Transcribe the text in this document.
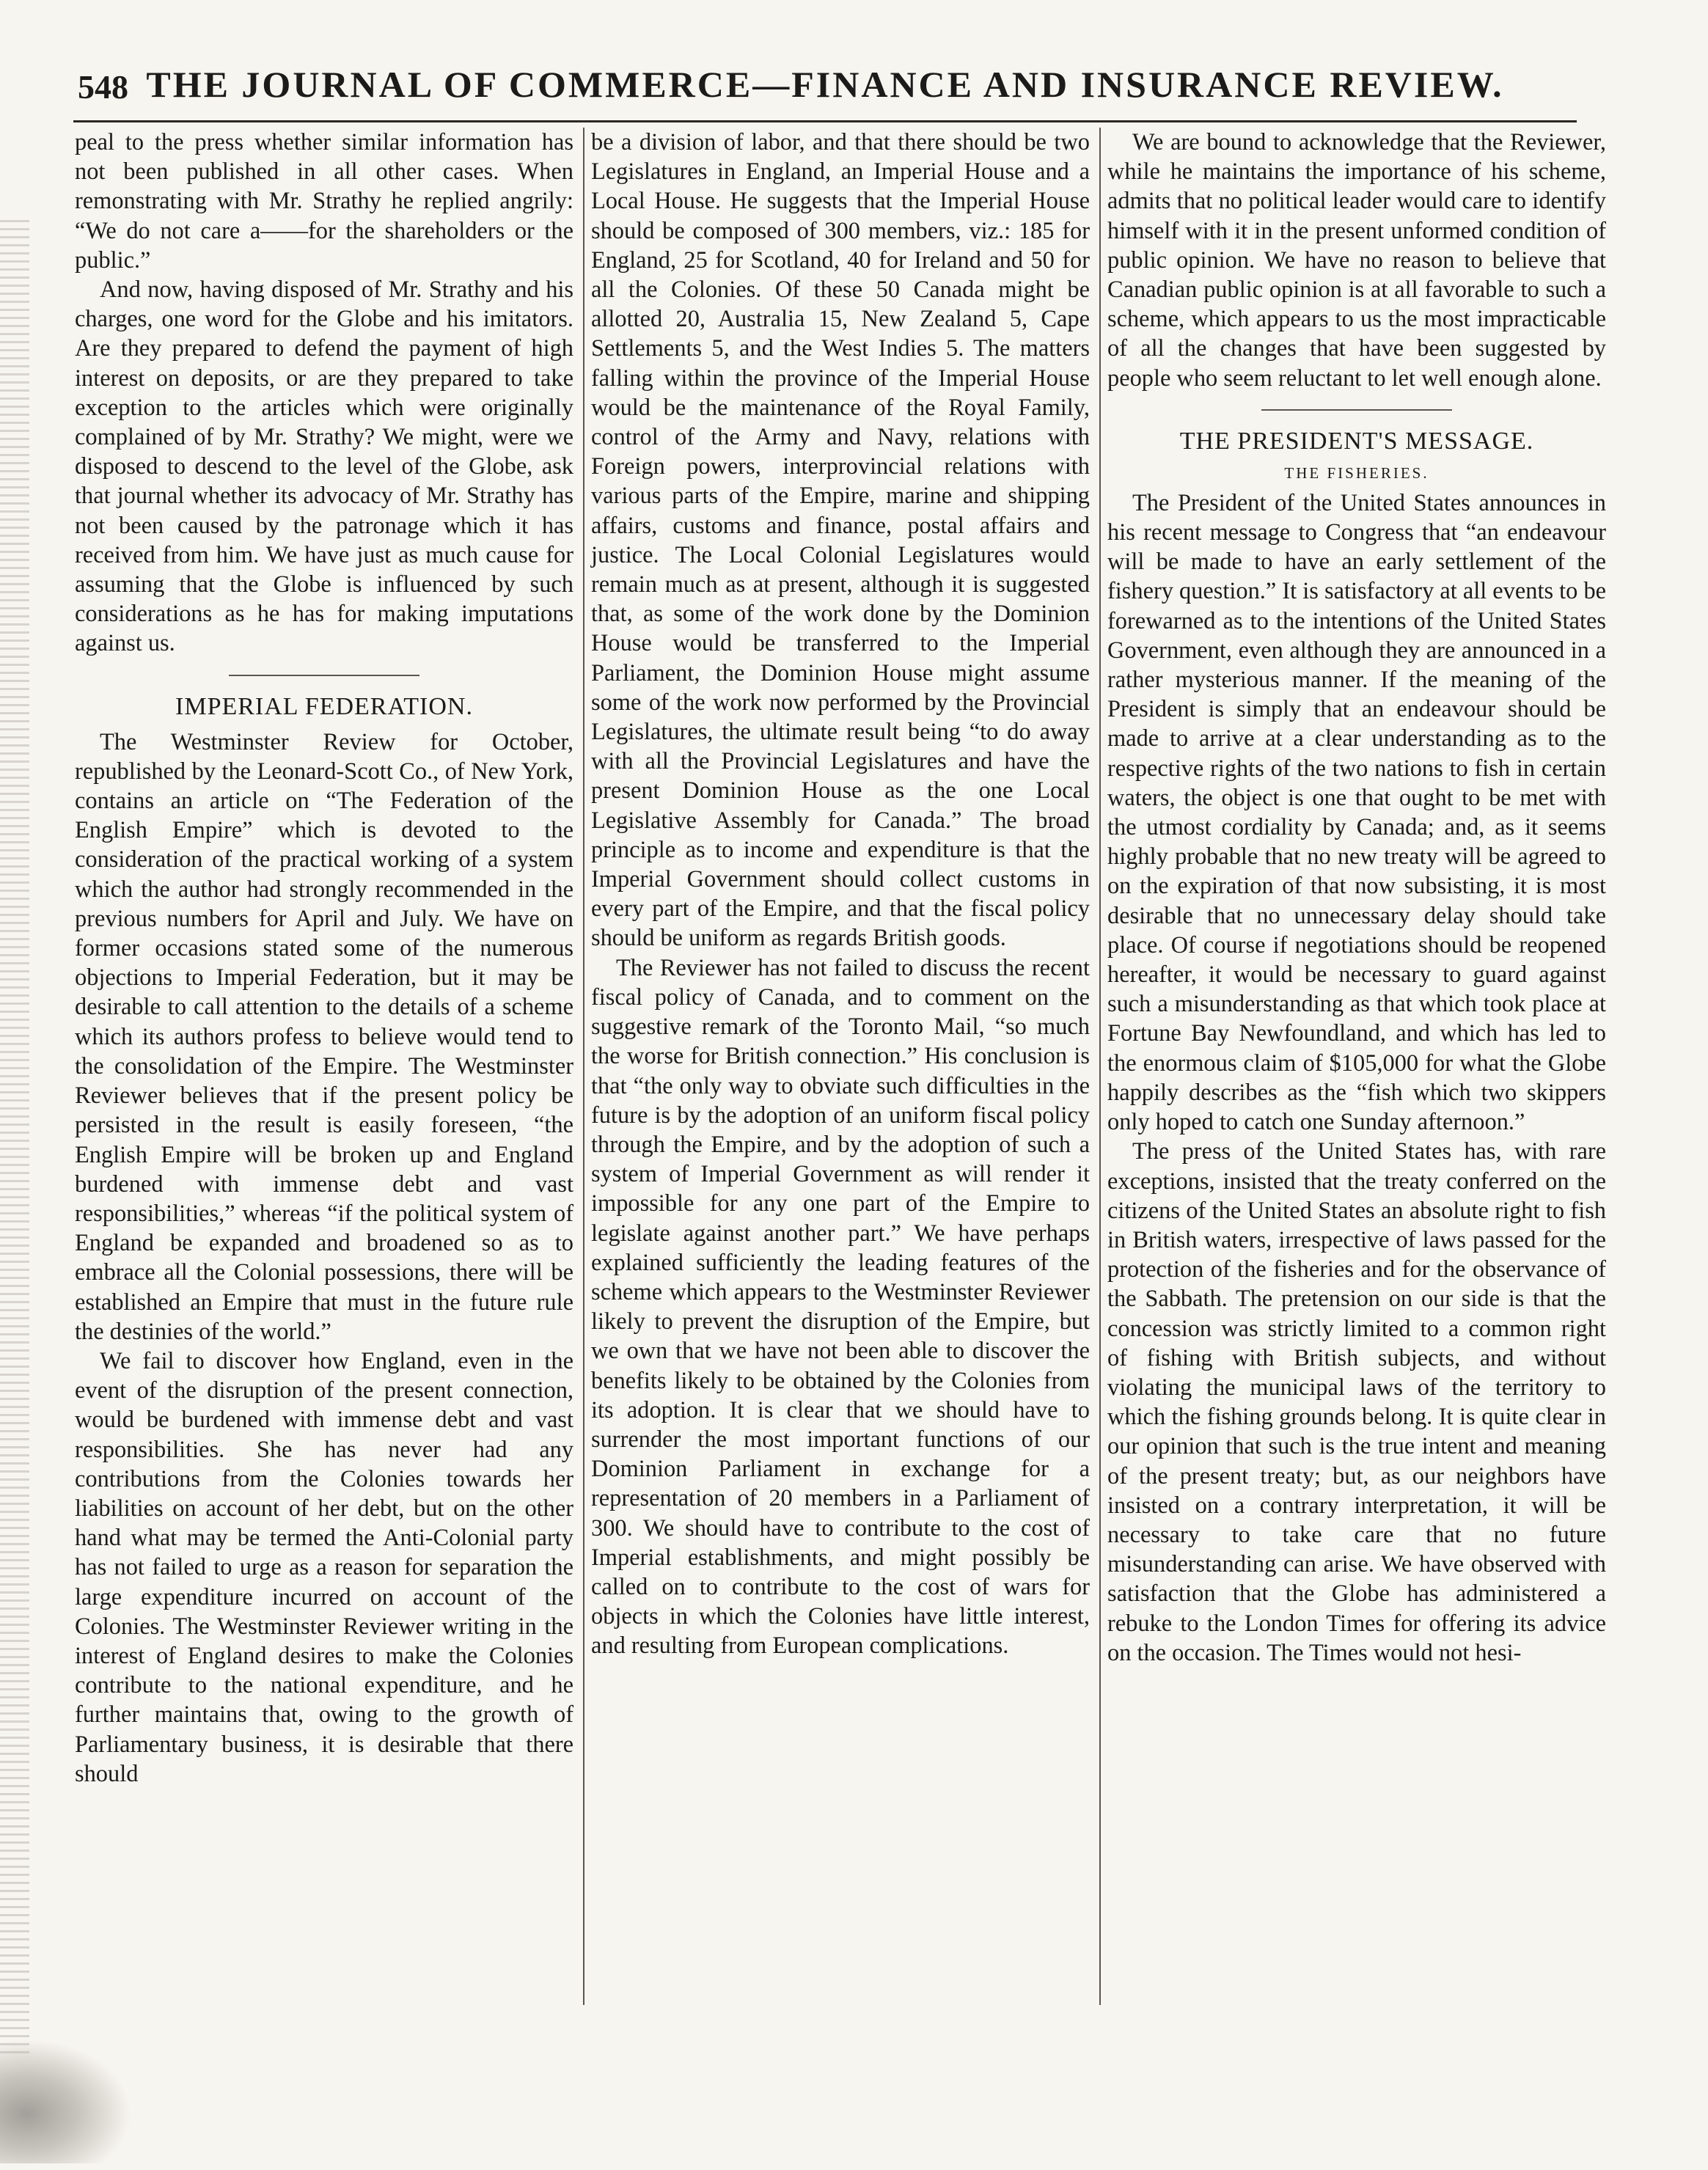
548 THE JOURNAL OF COMMERCE—FINANCE AND INSURANCE REVIEW.

peal to the press whether similar information has not been published in all other cases. When remonstrating with Mr. Strathy he replied angrily: “We do not care a——for the shareholders or the public.”

And now, having disposed of Mr. Strathy and his charges, one word for the Globe and his imitators. Are they prepared to defend the payment of high interest on deposits, or are they prepared to take exception to the articles which were originally complained of by Mr. Strathy? We might, were we disposed to descend to the level of the Globe, ask that journal whether its advocacy of Mr. Strathy has not been caused by the patronage which it has received from him. We have just as much cause for assuming that the Globe is influenced by such considerations as he has for making imputations against us.

IMPERIAL FEDERATION.

The Westminster Review for October, republished by the Leonard-Scott Co., of New York, contains an article on “The Federation of the English Empire” which is devoted to the consideration of the practical working of a system which the author had strongly recommended in the previous numbers for April and July. We have on former occasions stated some of the numerous objections to Imperial Federation, but it may be desirable to call attention to the details of a scheme which its authors profess to believe would tend to the consolidation of the Empire. The Westminster Reviewer believes that if the present policy be persisted in the result is easily foreseen, “the English Empire will be broken up and England burdened with immense debt and vast responsibilities,” whereas “if the political system of England be expanded and broadened so as to embrace all the Colonial possessions, there will be established an Empire that must in the future rule the destinies of the world.”

We fail to discover how England, even in the event of the disruption of the present connection, would be burdened with immense debt and vast responsibilities. She has never had any contributions from the Colonies towards her liabilities on account of her debt, but on the other hand what may be termed the Anti-Colonial party has not failed to urge as a reason for separation the large expenditure incurred on account of the Colonies. The Westminster Reviewer writing in the interest of England desires to make the Colonies contribute to the national expenditure, and he further maintains that, owing to the growth of Parliamentary business, it is desirable that there should

be a division of labor, and that there should be two Legislatures in England, an Imperial House and a Local House. He suggests that the Imperial House should be composed of 300 members, viz.: 185 for England, 25 for Scotland, 40 for Ireland and 50 for all the Colonies. Of these 50 Canada might be allotted 20, Australia 15, New Zealand 5, Cape Settlements 5, and the West Indies 5. The matters falling within the province of the Imperial House would be the maintenance of the Royal Family, control of the Army and Navy, relations with Foreign powers, interprovincial relations with various parts of the Empire, marine and shipping affairs, customs and finance, postal affairs and justice. The Local Colonial Legislatures would remain much as at present, although it is suggested that, as some of the work done by the Dominion House would be transferred to the Imperial Parliament, the Dominion House might assume some of the work now performed by the Provincial Legislatures, the ultimate result being “to do away with all the Provincial Legislatures and have the present Dominion House as the one Local Legislative Assembly for Canada.” The broad principle as to income and expenditure is that the Imperial Government should collect customs in every part of the Empire, and that the fiscal policy should be uniform as regards British goods.

The Reviewer has not failed to discuss the recent fiscal policy of Canada, and to comment on the suggestive remark of the Toronto Mail, “so much the worse for British connection.” His conclusion is that “the only way to obviate such difficulties in the future is by the adoption of an uniform fiscal policy through the Empire, and by the adoption of such a system of Imperial Government as will render it impossible for any one part of the Empire to legislate against another part.” We have perhaps explained sufficiently the leading features of the scheme which appears to the Westminster Reviewer likely to prevent the disruption of the Empire, but we own that we have not been able to discover the benefits likely to be obtained by the Colonies from its adoption. It is clear that we should have to surrender the most important functions of our Dominion Parliament in exchange for a representation of 20 members in a Parliament of 300. We should have to contribute to the cost of Imperial establishments, and might possibly be called on to contribute to the cost of wars for objects in which the Colonies have little interest, and resulting from European complications.

We are bound to acknowledge that the Reviewer, while he maintains the importance of his scheme, admits that no political leader would care to identify himself with it in the present unformed condition of public opinion. We have no reason to believe that Canadian public opinion is at all favorable to such a scheme, which appears to us the most impracticable of all the changes that have been suggested by people who seem reluctant to let well enough alone.

THE PRESIDENT'S MESSAGE.
THE FISHERIES.

The President of the United States announces in his recent message to Congress that “an endeavour will be made to have an early settlement of the fishery question.” It is satisfactory at all events to be forewarned as to the intentions of the United States Government, even although they are announced in a rather mysterious manner. If the meaning of the President is simply that an endeavour should be made to arrive at a clear understanding as to the respective rights of the two nations to fish in certain waters, the object is one that ought to be met with the utmost cordiality by Canada; and, as it seems highly probable that no new treaty will be agreed to on the expiration of that now subsisting, it is most desirable that no unnecessary delay should take place. Of course if negotiations should be reopened hereafter, it would be necessary to guard against such a misunderstanding as that which took place at Fortune Bay Newfoundland, and which has led to the enormous claim of $105,000 for what the Globe happily describes as the “fish which two skippers only hoped to catch one Sunday afternoon.”

The press of the United States has, with rare exceptions, insisted that the treaty conferred on the citizens of the United States an absolute right to fish in British waters, irrespective of laws passed for the protection of the fisheries and for the observance of the Sabbath. The pretension on our side is that the concession was strictly limited to a common right of fishing with British subjects, and without violating the municipal laws of the territory to which the fishing grounds belong. It is quite clear in our opinion that such is the true intent and meaning of the present treaty; but, as our neighbors have insisted on a contrary interpretation, it will be necessary to take care that no future misunderstanding can arise. We have observed with satisfaction that the Globe has administered a rebuke to the London Times for offering its advice on the occasion. The Times would not hesi-
